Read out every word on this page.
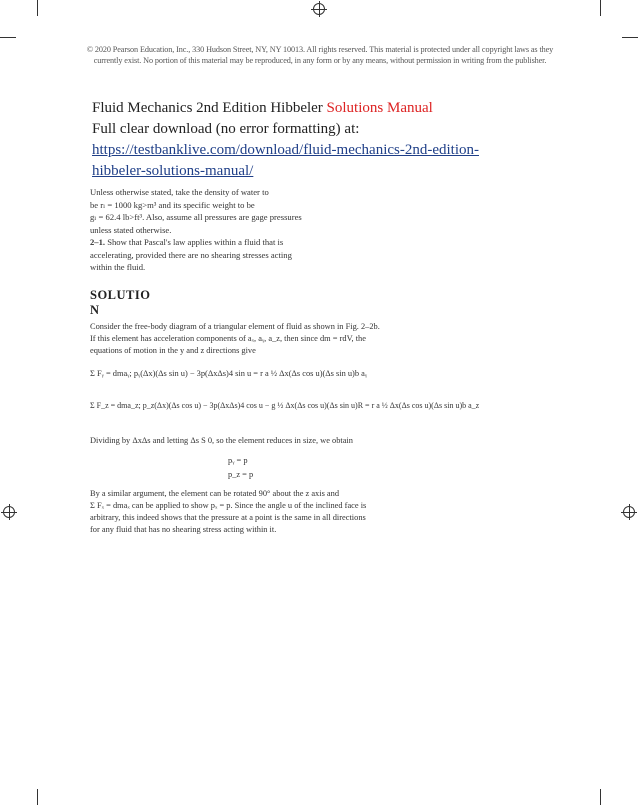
© 2020 Pearson Education, Inc., 330 Hudson Street, NY, NY 10013. All rights reserved. This material is protected under all copyright laws as they
currently exist. No portion of this material may be reproduced, in any form or by any means, without permission in writing from the publisher.
Fluid Mechanics 2nd Edition Hibbeler Solutions Manual
Full clear download (no error formatting) at:
https://testbanklive.com/download/fluid-mechanics-2nd-edition-
hibbeler-solutions-manual/
Unless otherwise stated, take the density of water to
be rₗ = 1000 kg>m³ and its specific weight to be
gₗ = 62.4 lb>ft³. Also, assume all pressures are gage pressures
unless stated otherwise.
2–1. Show that Pascal's law applies within a fluid that is
accelerating, provided there are no shearing stresses acting
within the fluid.
SOLUTIO
N
Consider the free-body diagram of a triangular element of fluid as shown in Fig. 2–2b.
If this element has acceleration components of aₓ, aᵧ, a_z, then since dm = rdV, the
equations of motion in the y and z directions give
Σ Fᵧ = dmaᵧ; pᵧ(Δx)(Δs sin u) − 3p(ΔxΔs)4 sin u = r a ½ Δx(Δs cos u)(Δs sin u)b aᵧ
Σ F_z = dma_z; p_z(Δx)(Δs cos u) − 3p(ΔxΔs)4 cos u − g ½ Δx(Δs cos u)(Δs sin u)R = r a ½ Δx(Δs cos u)(Δs sin u)b a_z
Dividing by ΔxΔs and letting Δs S 0, so the element reduces in size, we obtain
pᵧ = p
p_z = p
By a similar argument, the element can be rotated 90° about the z axis and
Σ Fₓ = dmaₓ can be applied to show pₓ = p. Since the angle u of the inclined face is
arbitrary, this indeed shows that the pressure at a point is the same in all directions
for any fluid that has no shearing stress acting within it.
